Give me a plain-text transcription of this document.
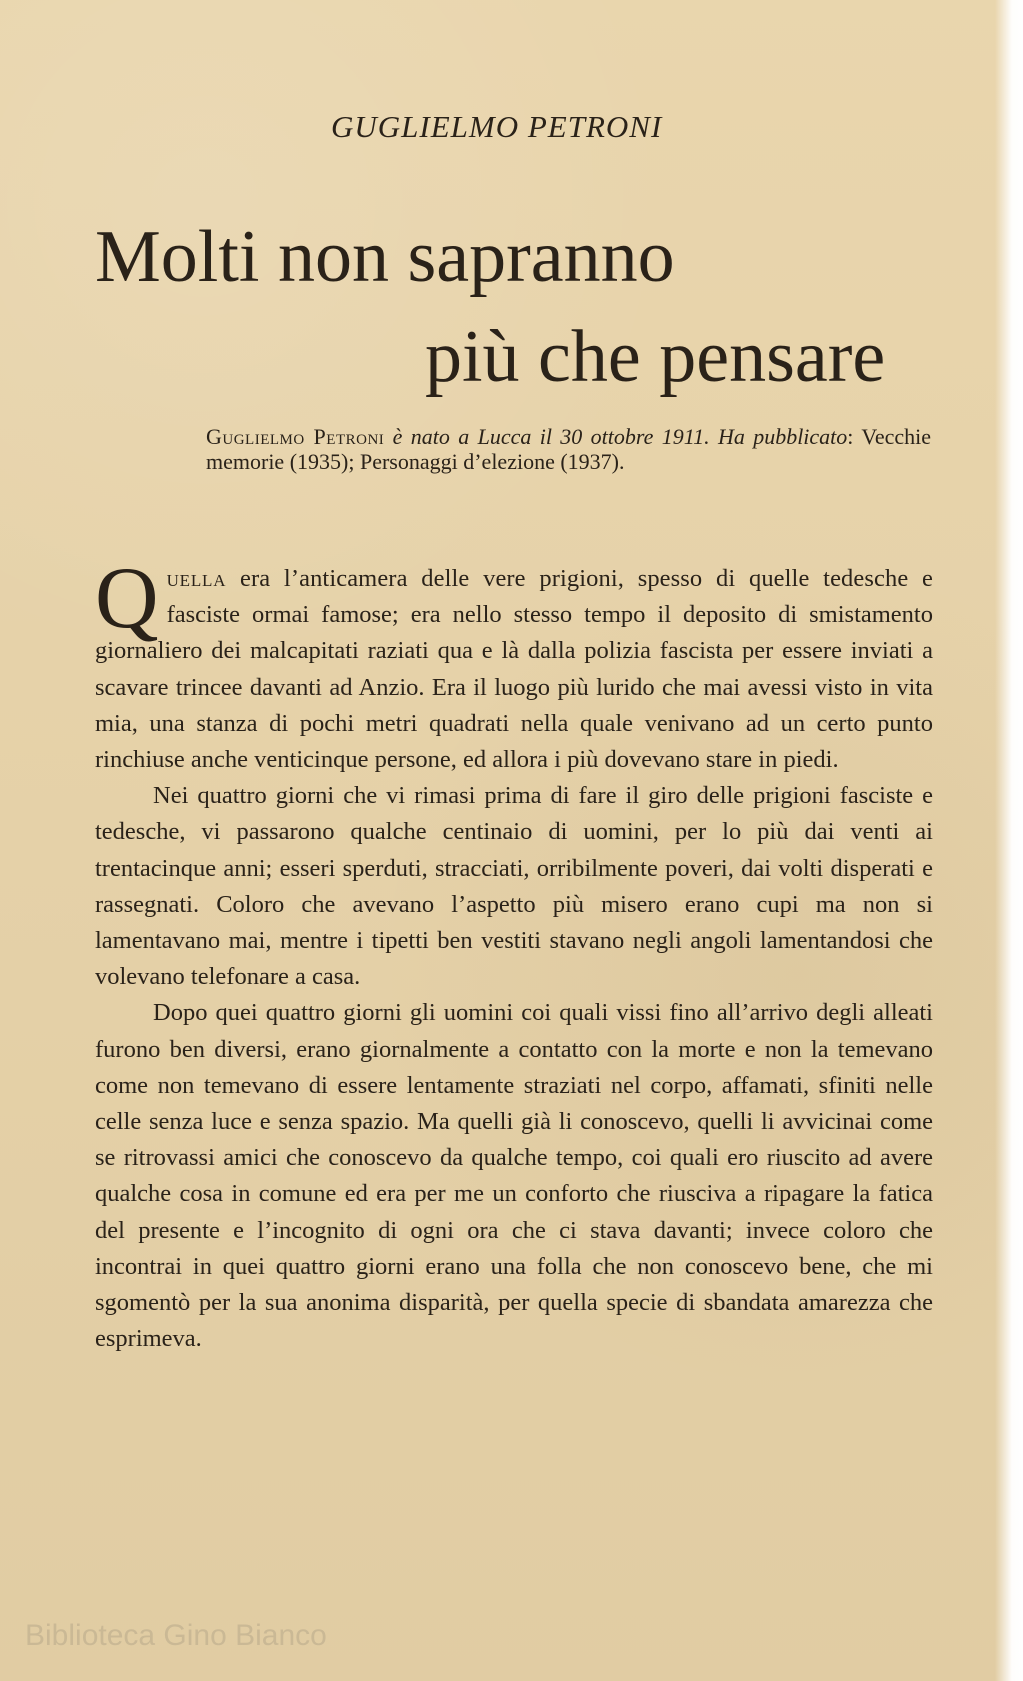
GUGLIELMO PETRONI
Molti non sapranno
più che pensare
Guglielmo Petroni è nato a Lucca il 30 ottobre 1911. Ha pubblicato: Vecchie memorie (1935); Personaggi d’elezione (1937).

Quella era l’anticamera delle vere prigioni, spesso di quelle tedesche e fasciste ormai famose; era nello stesso tempo il deposito di smistamento giornaliero dei malcapitati raziati qua e là dalla polizia fascista per essere inviati a scavare trincee davanti ad Anzio. Era il luogo più lurido che mai avessi visto in vita mia, una stanza di pochi metri quadrati nella quale venivano ad un certo punto rinchiuse anche venticinque persone, ed allora i più dovevano stare in piedi.

Nei quattro giorni che vi rimasi prima di fare il giro delle prigioni fasciste e tedesche, vi passarono qualche centinaio di uomini, per lo più dai venti ai trentacinque anni; esseri sperduti, stracciati, orribilmente poveri, dai volti disperati e rassegnati. Coloro che avevano l’aspetto più misero erano cupi ma non si lamentavano mai, mentre i tipetti ben vestiti stavano negli angoli lamentandosi che volevano telefonare a casa.

Dopo quei quattro giorni gli uomini coi quali vissi fino all’arrivo degli alleati furono ben diversi, erano giornalmente a contatto con la morte e non la temevano come non temevano di essere lentamente straziati nel corpo, affamati, sfiniti nelle celle senza luce e senza spazio. Ma quelli già li conoscevo, quelli li avvicinai come se ritrovassi amici che conoscevo da qualche tempo, coi quali ero riuscito ad avere qualche cosa in comune ed era per me un conforto che riusciva a ripagare la fatica del presente e l’incognito di ogni ora che ci stava davanti; invece coloro che incontrai in quei quattro giorni erano una folla che non conoscevo bene, che mi sgomentò per la sua anonima disparità, per quella specie di sbandata amarezza che esprimeva.

Biblioteca Gino Bianco
